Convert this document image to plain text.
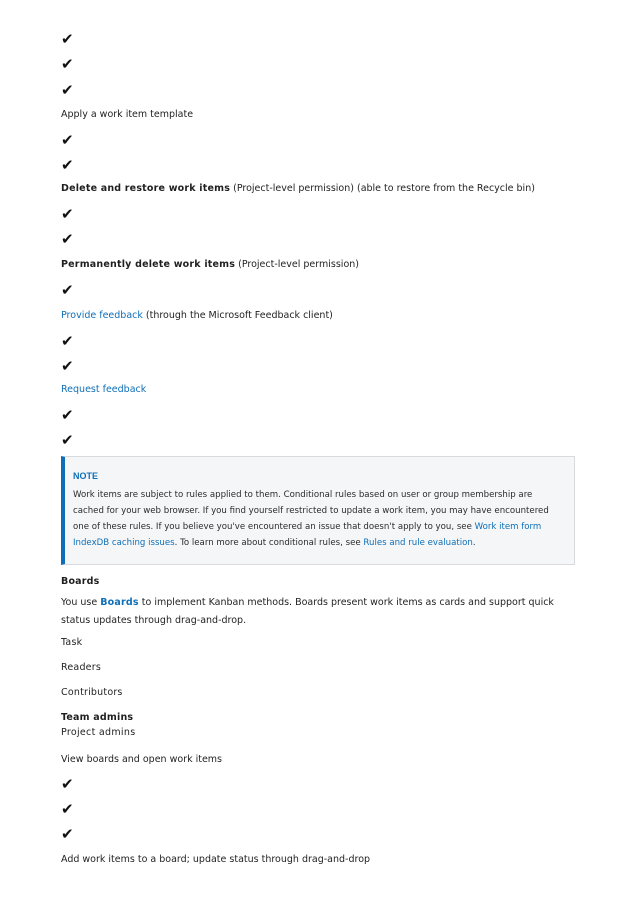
✔
✔
✔
Apply a work item template
✔
✔
Delete and restore work items (Project-level permission) (able to restore from the Recycle bin)
✔
✔
Permanently delete work items (Project-level permission)
✔
Provide feedback (through the Microsoft Feedback client)
✔
✔
Request feedback
✔
✔
NOTE
Work items are subject to rules applied to them. Conditional rules based on user or group membership are cached for your web browser. If you find yourself restricted to update a work item, you may have encountered one of these rules. If you believe you've encountered an issue that doesn't apply to you, see Work item form IndexDB caching issues. To learn more about conditional rules, see Rules and rule evaluation.
Boards
You use Boards to implement Kanban methods. Boards present work items as cards and support quick status updates through drag-and-drop.
Task
Readers
Contributors
Team admins
Project admins
View boards and open work items
✔
✔
✔
Add work items to a board; update status through drag-and-drop
